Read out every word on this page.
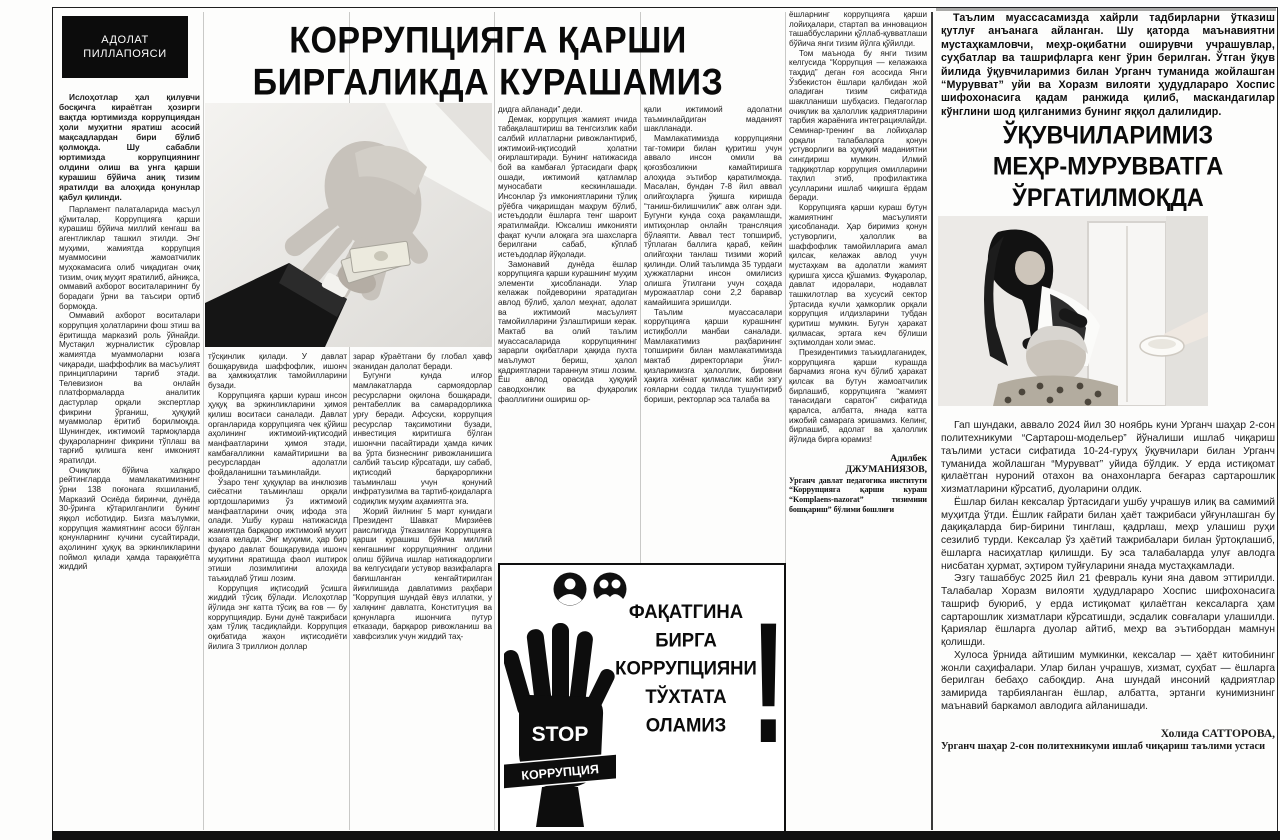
АДОЛАТ
ПИЛЛАПОЯСИ	КОРРУПЦИЯГА ҚАРШИ
БИРГАЛИКДА КУРАШАМИЗ

Ислоҳотлар ҳал қилувчи босқичга кираётган ҳозирги вақтда юртимизда коррупциядан ҳоли муҳитни яратиш асосий мақсадлардан бири бўлиб қолмоқда. Шу сабабли юртимизда коррупциянинг олдини олиш ва унга қарши курашиш бўйича аниқ тизим яратилди ва алоҳида қонунлар қабул қилинди.

Парламент палаталарида масъул қўмиталар, Коррупцияга қарши курашиш бўйича миллий кенгаш ва агентликлар ташкил этилди. Энг муҳими, жамиятда коррупция муаммосини жамоатчилик муҳокамасига олиб чиқадиган очиқ тизим, очиқ муҳит яратилиб, айниқса, оммавий ахборот воситаларининг бу борадаги ўрни ва таъсири ортиб бормоқда.

Оммавий ахборот воситалари коррупция ҳолатларини фош этиш ва ёритишда марказий роль ўйнайди. Мустақил журналистик сўровлар жамиятда муаммоларни юзага чиқаради, шаффофлик ва масъулият принципларини тарғиб этади. Телевизион ва онлайн платформаларда аналитик дастурлар орқали экспертлар фикрини ўрганиш, ҳуқуқий муаммолар ёритиб борилмоқда. Шунингдек, ижтимоий тармоқларда фуқароларнинг фикрини тўплаш ва тарғиб қилишга кенг имконият яратилди.

Очиқлик бўйича халқаро рейтингларда мамлакатимизнинг ўрни 138 поғонага яхшиланиб, Марказий Осиёда биринчи, дунёда 30-ўринга кўтарилганлиги бунинг яққол исботидир. Бизга маълумки, коррупция жамиятнинг асоси бўлган қонунларнинг кучини сусайтиради, аҳолининг ҳуқуқ ва эркинликларини поймол қилади ҳамда тараққиётга жиддий

тўсқинлик қилади. У давлат бошқарувида шаффофлик, ишонч ва ҳамжиҳатлик тамойилларини бузади.

Коррупцияга қарши кураш инсон ҳуқуқ ва эркинликларини ҳимоя қилиш воситаси саналади. Давлат органларида коррупцияга чек қўйиш аҳолининг ижтимоий-иқтисодий манфаатларини ҳимоя этади, камбағалликни камайтиришни ва ресурслардан адолатли фойдаланишни таъминлайди.

Ўзаро тенг ҳуқуқлар ва инклюзив сиёсатни таъминлаш орқали юртдошларимиз ўз ижтимоий манфаатларини очиқ ифода эта олади. Ушбу кураш натижасида жамиятда барқарор ижтимоий муҳит юзага келади. Энг муҳими, ҳар бир фуқаро давлат бошқарувида ишонч муҳитини яратишда фаол иштирок этиши лозимлигини алоҳида таъкидлаб ўтиш лозим.

Коррупция иқтисодий ўсишга жиддий тўсиқ бўлади. Ислоҳотлар йўлида энг катта тўсиқ ва ғов — бу коррупциядир. Буни дунё тажрибаси ҳам тўлиқ тасдиқлайди. Коррупция оқибатида жаҳон иқтисодиёти йилига 3 триллион доллар

зарар кўраётгани бу глобал ҳавф эканидан далолат беради.

Бугунги кунда илғор мамлакатларда сармоядорлар ресурсларни оқилона бошқаради, рентабеллик ва самарадорликка урғу беради. Афсуски, коррупция ресурслар тақсимотини бузади, инвестиция киритишга бўлган ишончни пасайтиради ҳамда кичик ва ўрта бизнеснинг ривожланишига салбий таъсир кўрсатади, шу сабаб, иқтисодий барқарорликни таъминлаш учун қонуний инфратузилма ва тартиб-қоидаларга содиқлик муҳим аҳамиятга эга.

Жорий йилнинг 5 март кунидаги Президент Шавкат Мирзиёев раислигида ўтказилган Коррупцияга қарши курашиш бўйича миллий кенгашнинг коррупциянинг олдини олиш бўйича ишлар натижадорлиги ва келгусидаги устувор вазифаларга бағишланган кенгайтирилган йиғилишида давлатимиз раҳбари “Коррупция шундай ёвуз иллатки, у халқнинг давлатга, Конституция ва қонунларга ишончига путур етказади, барқарор ривожланиш ва хавфсизлик учун жиддий таҳ-

дидга айланади” деди.

Демак, коррупция жамият ичида табақалаштириш ва тенгсизлик каби салбий иллатларни ривожлантириб, ижтимоий-иқтисодий ҳолатни оғирлаштиради. Бунинг натижасида бой ва камбағал ўртасидаги фарқ ошади, ижтимоий қатламлар муносабати кескинлашади. Инсонлар ўз имкониятларини тўлиқ рўёбга чиқаришдан маҳрум бўлиб, истеъдодли ёшларга тенг шароит яратилмайди. Юксалиш имконияти фақат кучли алоқага эга шахсларга берилгани сабаб, кўплаб истеъдодлар йўқолади.

Замонавий дунёда ёшлар коррупцияга қарши курашнинг муҳим элементи ҳисобланади. Улар келажак пойдеворини яратадиган авлод бўлиб, ҳалол меҳнат, адолат ва ижтимоий масъулият тамойилларини ўзлаштириши керак. Мактаб ва олий таълим муассасаларида коррупциянинг зарарли оқибатлари ҳақида пухта маълумот бериш, ҳалол қадриятларни тараннум этиш лозим. Ёш авлод орасида ҳуқуқий саводхонлик ва фуқаролик фаоллигини ошириш ор-

қали ижтимоий адолатни таъминлайдиган маданият шаклланади.

Мамлакатимизда коррупцияни таг-томири билан қуритиш учун аввало инсон омили ва қоғозбозликни камайтиришга алоҳида эътибор қаратилмоқда. Масалан, бундан 7-8 йил аввал олийгоҳларга ўқишга киришда “таниш-билишчилик” авж олган эди. Бугунги кунда соҳа рақамлашди, имтиҳонлар онлайн трансляция бўлаяпти. Аввал тест топшириб, тўплаган баллига қараб, кейин олийгоҳни танлаш тизими жорий қилинди. Олий таълимда 35 турдаги ҳужжатларни инсон омилисиз олишга ўтилгани учун соҳада мурожаатлар сони 2,2 баравар камайишига эришилди.

Таълим муассасалари коррупцияга қарши курашнинг истиқболли манбаи саналади. Мамлакатимиз раҳбарининг топшириғи билан мамлакатимизда мактаб директорлари ўғил-қизларимизга ҳалоллик, бировни ҳақига хиёнат қилмаслик каби эзгу ғояларни содда тилда тушунтириб бориши, ректорлар эса талаба ва

ёшларнинг коррупцияга қарши лойиҳалари, стартап ва инновацион ташаббусларини қўллаб-қувватлаши бўйича янги тизим йўлга қўйилди.

Том маънода бу янги тизим келгусида “Коррупция — келажакка таҳдид” деган ғоя асосида Янги Ўзбекистон ёшлари қалбидан жой оладиган тизим сифатида шаклланиши шубҳасиз. Педагоглар очиқлик ва ҳалоллик қадриятларини тарбия жараёнига интеграциялайди. Семинар-тренинг ва лойиҳалар орқали талабаларга қонун устуворлиги ва ҳуқуқий маданиятни сингдириш мумкин. Илмий тадқиқотлар коррупция омилларини таҳлил этиб, профилактика усулларини ишлаб чиқишга ёрдам беради.

Коррупцияга қарши кураш бутун жамиятнинг масъулияти ҳисобланади. Ҳар биримиз қонун устуворлиги, ҳалоллик ва шаффофлик тамойилларига амал қилсак, келажак авлод учун мустаҳкам ва адолатли жамият қуришга ҳисса қўшамиз. Фуқаролар, давлат идоралари, нодавлат ташкилотлар ва хусусий сектор ўртасида кучли ҳамкорлик орқали коррупция илдизларини тубдан қуритиш мумкин. Бугун ҳаракат қилмасак, эртага кеч бўлиши эҳтимолдан холи эмас.

Президентимиз таъкидлаганидек, коррупцияга қарши курашда барчамиз ягона куч бўлиб ҳаракат қилсак ва бутун жамоатчилик бирлашиб, коррупцияга “жамият танасидаги саратон” сифатида қаралса, албатта, янада катта ижобий самарага эришамиз. Келинг, бирлашиб, адолат ва ҳалоллик йўлида бирга юрамиз!

Адилбек
ДЖУМАНИЯЗОВ,
Урганч давлат педагогика институти “Коррупцияга қарши кураш “Komplaens-nazorat” тизимини бошқариш” бўлими бошлиғи
STOP
КОРРУПЦИЯ
ФАҚАТГИНА
БИРГА
КОРРУПЦИЯНИ
ТЎХТАТА
ОЛАМИЗ !

Таълим муассасамизда хайрли тадбирларни ўтказиш қутлуғ анъанага айланган. Шу қаторда маънавиятни мустаҳкамловчи, меҳр-оқибатни оширувчи учрашувлар, суҳбатлар ва ташрифларга кенг ўрин берилган. Ўтган ўқув йилида ўқувчиларимиз билан Урганч туманида жойлашган “Мурувват” уйи ва Хоразм вилояти ҳудудлараро Хоспис шифохонасига қадам ранжида қилиб, маскандагилар кўнглини шод қилганимиз бунинг яққол далилидир.

ЎҚУВЧИЛАРИМИЗ
МЕҲР-МУРУВВАТГА
ЎРГАТИЛМОҚДА

Гап шундаки, аввало 2024 йил 30 ноябрь куни Урганч шаҳар 2-сон политехникуми “Сартарош-модельер” йўналиши ишлаб чиқариш таълими устаси сифатида 10-24-гуруҳ ўқувчилари билан Урганч туманида жойлашган “Мурувват” уйида бўлдик. У ерда истиқомат қилаётган нуроний отахон ва онахонларга беғараз сартарошлик хизматларини кўрсатиб, дуоларини олдик.

Ёшлар билан кексалар ўртасидаги ушбу учрашув илиқ ва самимий муҳитда ўтди. Ёшлик ғайрати билан ҳаёт тажрибаси уйғунлашган бу дақиқаларда бир-бирини тинглаш, қадрлаш, меҳр улашиш руҳи сезилиб турди. Кексалар ўз ҳаётий тажрибалари билан ўртоқлашиб, ёшларга насиҳатлар қилишди. Бу эса талабаларда улуғ авлодга нисбатан ҳурмат, эҳтиром туйғуларини янада мустаҳкамлади.

Эзгу ташаббус 2025 йил 21 февраль куни яна давом эттирилди. Талабалар Хоразм вилояти ҳудудлараро Хоспис шифохонасига ташриф буюриб, у ерда истиқомат қилаётган кексаларга ҳам сартарошлик хизматлари кўрсатишди, эсдалик совғалари улашилди. Қариялар ёшларга дуолар айтиб, меҳр ва эътибордан мамнун қолишди.

Хулоса ўрнида айтишим мумкинки, кексалар — ҳаёт китобининг жонли саҳифалари. Улар билан учрашув, хизмат, суҳбат — ёшларга берилган бебаҳо сабоқдир. Ана шундай инсоний қадриятлар замирида тарбияланган ёшлар, албатта, эртанги кунимизнинг маънавий баркамол авлодига айланишади.

Холида САТТОРОВА,
Урганч шаҳар 2-сон политехникуми ишлаб чиқариш таълими устаси
